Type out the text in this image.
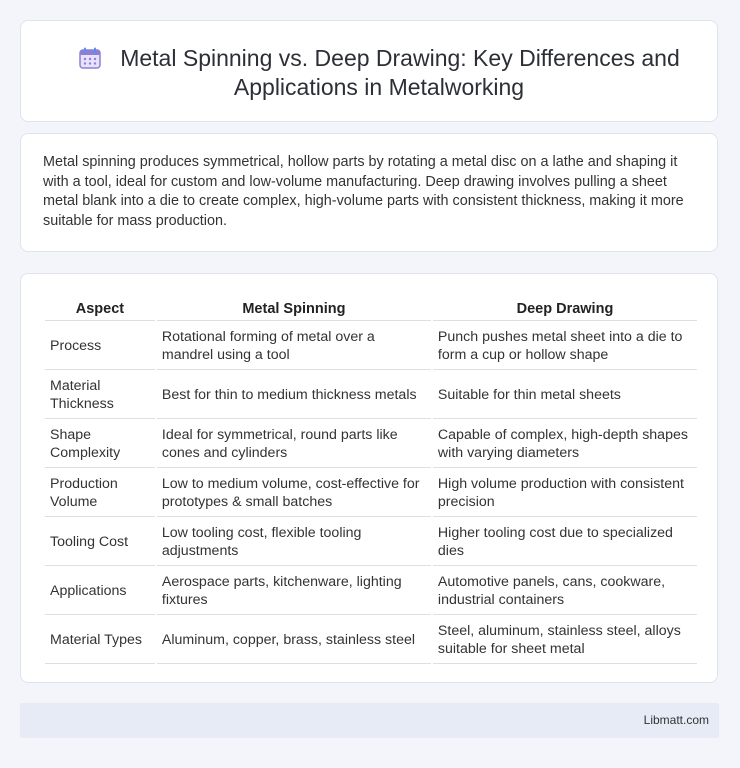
Metal Spinning vs. Deep Drawing: Key Differences and Applications in Metalworking
Metal spinning produces symmetrical, hollow parts by rotating a metal disc on a lathe and shaping it with a tool, ideal for custom and low-volume manufacturing. Deep drawing involves pulling a sheet metal blank into a die to create complex, high-volume parts with consistent thickness, making it more suitable for mass production.
Aspect	Metal Spinning	Deep Drawing
Process	Rotational forming of metal over a mandrel using a tool	Punch pushes metal sheet into a die to form a cup or hollow shape
Material Thickness	Best for thin to medium thickness metals	Suitable for thin metal sheets
Shape Complexity	Ideal for symmetrical, round parts like cones and cylinders	Capable of complex, high-depth shapes with varying diameters
Production Volume	Low to medium volume, cost-effective for prototypes & small batches	High volume production with consistent precision
Tooling Cost	Low tooling cost, flexible tooling adjustments	Higher tooling cost due to specialized dies
Applications	Aerospace parts, kitchenware, lighting fixtures	Automotive panels, cans, cookware, industrial containers
Material Types	Aluminum, copper, brass, stainless steel	Steel, aluminum, stainless steel, alloys suitable for sheet metal
Libmatt.com
